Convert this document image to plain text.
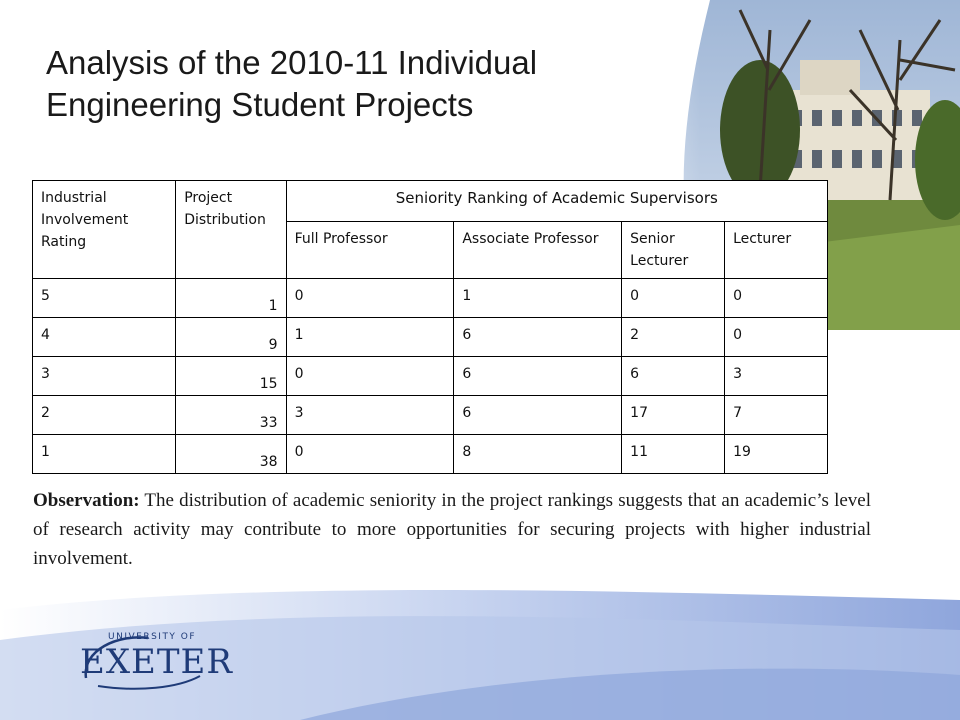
Analysis of the 2010-11 Individual Engineering Student Projects
Industrial Involvement Rating	Project Distribution	Seniority Ranking of Academic Supervisors			
		Full Professor	Associate Professor	Senior Lecturer	Lecturer
5	1	0	1	0	0
4	9	1	6	2	0
3	15	0	6	6	3
2	33	3	6	17	7
1	38	0	8	11	19

Observation: The distribution of academic seniority in the project rankings suggests that an academic’s level of research activity may contribute to more opportunities for securing projects with higher industrial involvement.

UNIVERSITY OF
EXETER
